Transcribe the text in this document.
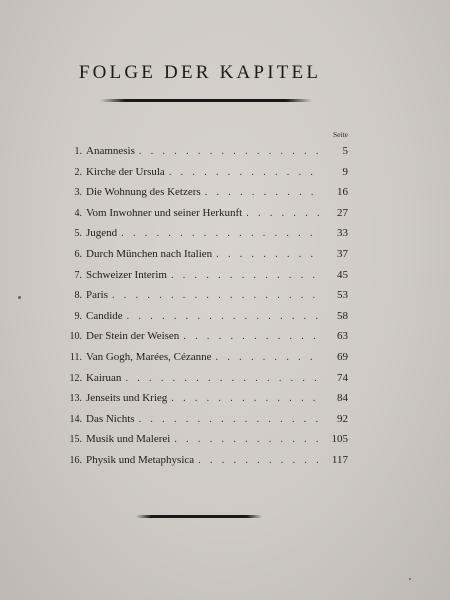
FOLGE DER KAPITEL
Seite
1. Anamnesis . . .	5
2. Kirche der Ursula . . .	9
3. Die Wohnung des Ketzers . . .	16
4. Vom Inwohner und seiner Herkunft . . .	27
5. Jugend . . .	33
6. Durch München nach Italien . . .	37
7. Schweizer Interim . . .	45
8. Paris . . .	53
9. Candide . . .	58
10. Der Stein der Weisen . . .	63
11. Van Gogh, Marées, Cézanne . . .	69
12. Kairuan . . .	74
13. Jenseits und Krieg . . .	84
14. Das Nichts . . .	92
15. Musik und Malerei . . .	105
16. Physik und Metaphysica . . .	117
